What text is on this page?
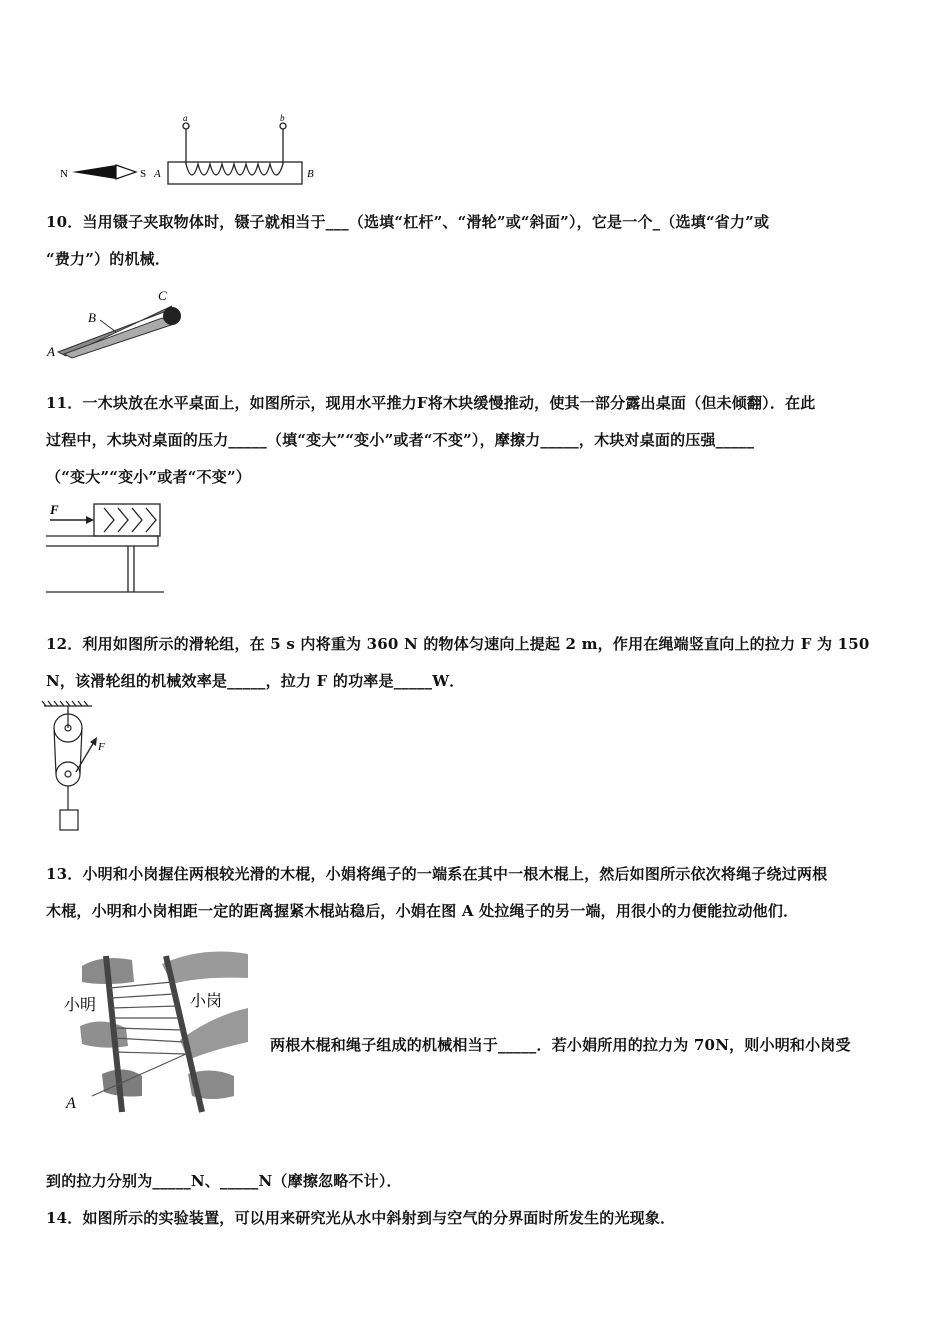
N	S A	B
a	b
10．当用镊子夹取物体时，镊子就相当于___（选填“杠杆”、“滑轮”或“斜面”），它是一个_（选填“省力”或
“费力”）的机械．
A
B
C
11．一木块放在水平桌面上，如图所示，现用水平推力F将木块缓慢推动，使其一部分露出桌面（但未倾翻）．在此
过程中，木块对桌面的压力_____（填“变大”“变小”或者“不变”），摩擦力_____，木块对桌面的压强_____
（“变大”“变小”或者“不变”）
F
12．利用如图所示的滑轮组，在 5 s 内将重为 360 N 的物体匀速向上提起 2 m，作用在绳端竖直向上的拉力 F 为 150
N，该滑轮组的机械效率是_____，拉力 F 的功率是_____W．
F
13．小明和小岗握住两根较光滑的木棍，小娟将绳子的一端系在其中一根木棍上，然后如图所示依次将绳子绕过两根
木棍，小明和小岗相距一定的距离握紧木棍站稳后，小娟在图 A 处拉绳子的另一端，用很小的力便能拉动他们．
小明	小岗
A
两根木棍和绳子组成的机械相当于_____．若小娟所用的拉力为 70N，则小明和小岗受
到的拉力分别为_____N、_____N（摩擦忽略不计）．
14．如图所示的实验装置，可以用来研究光从水中斜射到与空气的分界面时所发生的光现象．
